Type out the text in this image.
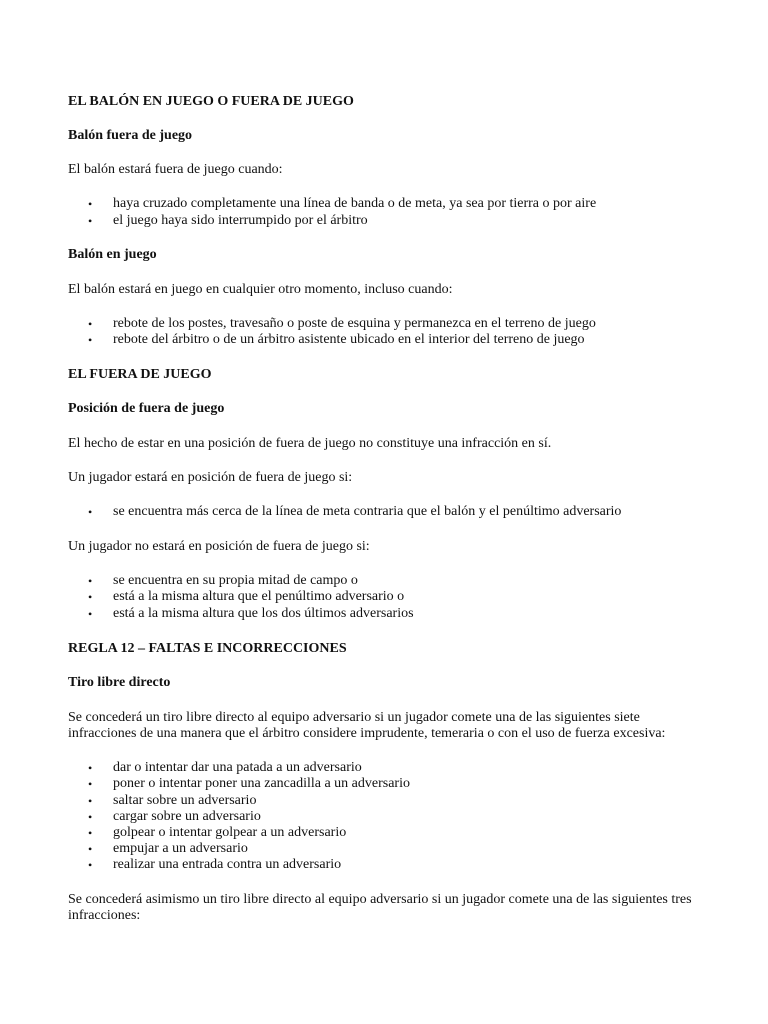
EL BALÓN EN JUEGO O FUERA DE JUEGO
Balón fuera de juego
El balón estará fuera de juego cuando:
• haya cruzado completamente una línea de banda o de meta, ya sea por tierra o por aire
• el juego haya sido interrumpido por el árbitro
Balón en juego
El balón estará en juego en cualquier otro momento, incluso cuando:
• rebote de los postes, travesaño o poste de esquina y permanezca en el terreno de juego
• rebote del árbitro o de un árbitro asistente ubicado en el interior del terreno de juego
EL FUERA DE JUEGO
Posición de fuera de juego
El hecho de estar en una posición de fuera de juego no constituye una infracción en sí.
Un jugador estará en posición de fuera de juego si:
• se encuentra más cerca de la línea de meta contraria que el balón y el penúltimo adversario
Un jugador no estará en posición de fuera de juego si:
• se encuentra en su propia mitad de campo o
• está a la misma altura que el penúltimo adversario o
• está a la misma altura que los dos últimos adversarios
REGLA 12 – FALTAS E INCORRECCIONES
Tiro libre directo
Se concederá un tiro libre directo al equipo adversario si un jugador comete una de las siguientes siete
infracciones de una manera que el árbitro considere imprudente, temeraria o con el uso de fuerza excesiva:
• dar o intentar dar una patada a un adversario
• poner o intentar poner una zancadilla a un adversario
• saltar sobre un adversario
• cargar sobre un adversario
• golpear o intentar golpear a un adversario
• empujar a un adversario
• realizar una entrada contra un adversario
Se concederá asimismo un tiro libre directo al equipo adversario si un jugador comete una de las siguientes tres
infracciones:
